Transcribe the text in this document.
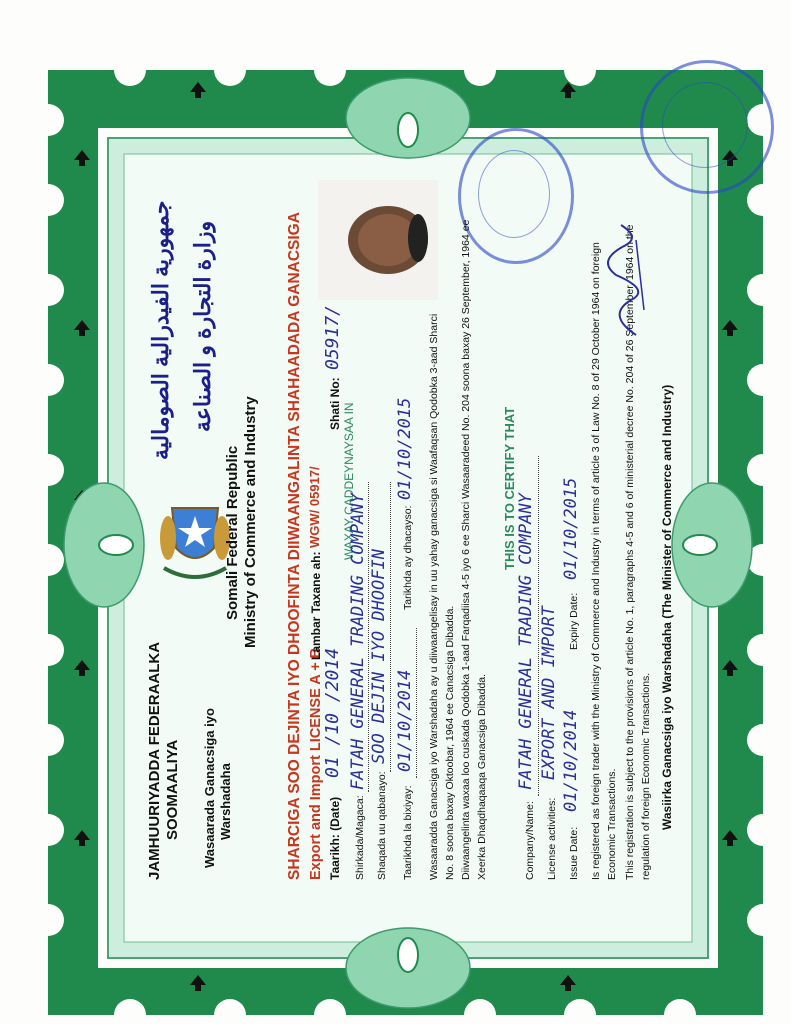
JAMHUURIYADDA FEDERAALKA SOOMAALIYA Wasaarada Ganacsiga iyo Warshadaha
Somali Federal Republic Ministry of Commerce and Industry
جمهورية الفيدرالية الصومالية وزارة التجارة و الصناعة	SHARCIGA SOO DEJINTA IYO DHOOFINTA DIIWAANGALINTA SHAHAADADA GANACSIGA Export and Import LICENSE A + B
Lambar Taxane ah:
WGW/ 05917/
Taarikh: (Date)
01 /10 /2014
Shati No:
05917/
WAXAY CADDEYNAYSAA IN
Shirkada/Magaca:
FATAH GENERAL TRADING COMPANY
Shaqada uu qabanayo:
SOO DEJIN IYO DHOOFIN
Taarikhda la bixiyay:
01/10/2014
Tarikhda ay dhacayso:
01/10/2015 Wasaaradda Ganacsiga iyo Warshadaha ay u diiwaangelisay in uu yahay ganacsiga si Waafaqsan Qodobka 3-aad Sharci No. 8 soona baxay Oktoobar, 1964 ee Canacsiga Dibadda. Diiwaangelinta waxaa loo cuskada Qodobka 1-aad Farqadiisa 4-5 iyo 6 ee Sharci Wasaaradeed No. 204 soona baxay 26 September, 1964 ee Xeerka Dhaqdhaqaaqa Ganacsiga Dibadda.
THIS IS TO CERTIFY THAT
Company/Name:
FATAH GENERAL TRADING COMPANY
License activities:
EXPORT AND IMPORT
Issue Date:
01/10/2014
Expiry Date:
01/10/2015 Is registered as foreign trader with the Ministry of Commerce and Industry in terms of article 3 of Law No. 8 of 29 October 1964 on foreign Economic Transactions. This registration is subject to the provisions of article No. 1, paragraphs 4-5 and 6 of ministerial decree No. 204 of 26 September, 1964 on the regulation of foreign Economic Transactions. Wasiirka Ganacsiga iyo Warshadaha (The Minister of Commerce and Industry)
